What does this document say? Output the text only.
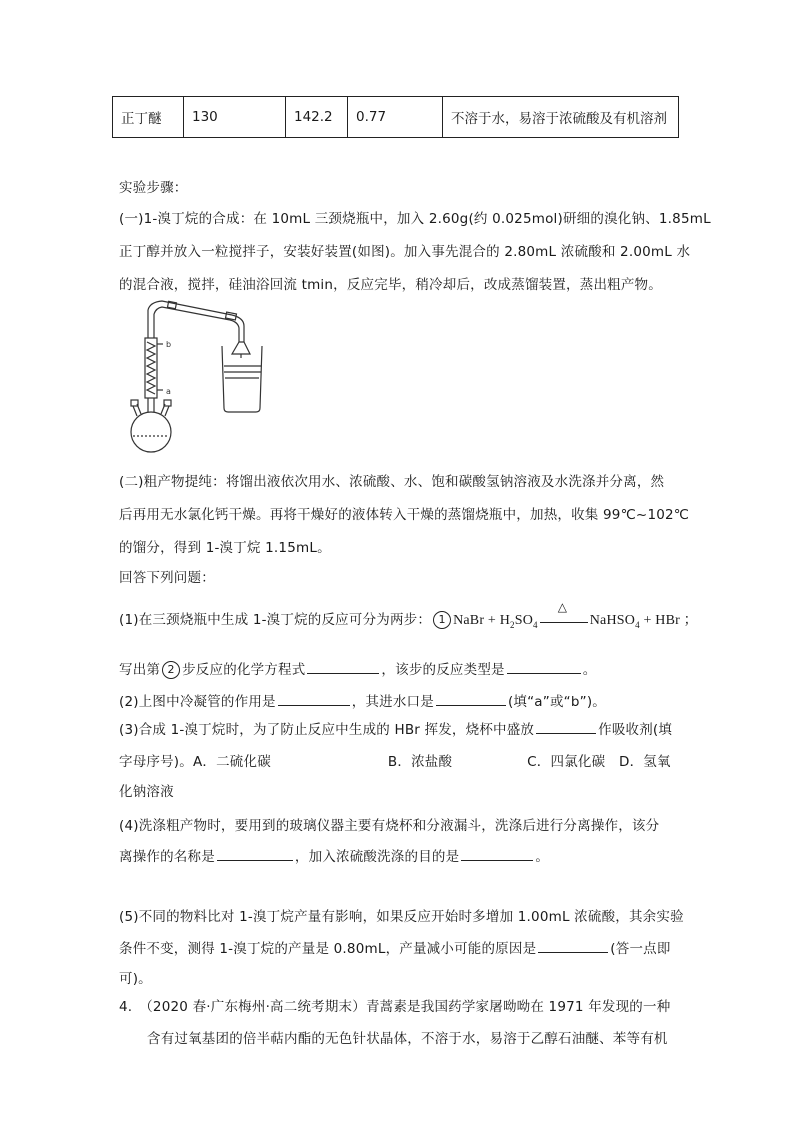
正丁醚	130	142.2	0.77	不溶于水，易溶于浓硫酸及有机溶剂
实验步骤：
(一)1-溴丁烷的合成：在 10mL 三颈烧瓶中，加入 2.60g(约 0.025mol)研细的溴化钠、1.85mL
正丁醇并放入一粒搅拌子，安装好装置(如图)。加入事先混合的 2.80mL 浓硫酸和 2.00mL 水
的混合液，搅拌，硅油浴回流 tmin，反应完毕，稍冷却后，改成蒸馏装置，蒸出粗产物。
b
a
(二)粗产物提纯：将馏出液依次用水、浓硫酸、水、饱和碳酸氢钠溶液及水洗涤并分离，然
后再用无水氯化钙干燥。再将干燥好的液体转入干燥的蒸馏烧瓶中，加热，收集 99℃~102℃
的馏分，得到 1-溴丁烷 1.15mL。
回答下列问题：
(1)在三颈烧瓶中生成 1-溴丁烷的反应可分为两步： 1 NaBr + $H_2SO_4$
△
NaHSO$_4$ + HBr ；
写出第 2 步反应的化学方程式	，该步的反应类型是	。
(2)上图中冷凝管的作用是	，其进水口是	(填“a”或“b”)。
(3)合成 1-溴丁烷时，为了防止反应中生成的 HBr 挥发，烧杯中盛放	作吸收剂(填
字母序号)。A．二硫化碳	B．浓盐酸	C．四氯化碳　D．氢氧
化钠溶液
(4)洗涤粗产物时，要用到的玻璃仪器主要有烧杯和分液漏斗，洗涤后进行分离操作，该分
离操作的名称是	，加入浓硫酸洗涤的目的是	。
(5)不同的物料比对 1-溴丁烷产量有影响，如果反应开始时多增加 1.00mL 浓硫酸，其余实验
条件不变，测得 1-溴丁烷的产量是 0.80mL，产量减小可能的原因是	(答一点即
可)。
4.　（2020 春·广东梅州·高二统考期末）青蒿素是我国药学家屠呦呦在 1971 年发现的一种
含有过氧基团的倍半萜内酯的无色针状晶体，不溶于水，易溶于乙醇石油醚、苯等有机
